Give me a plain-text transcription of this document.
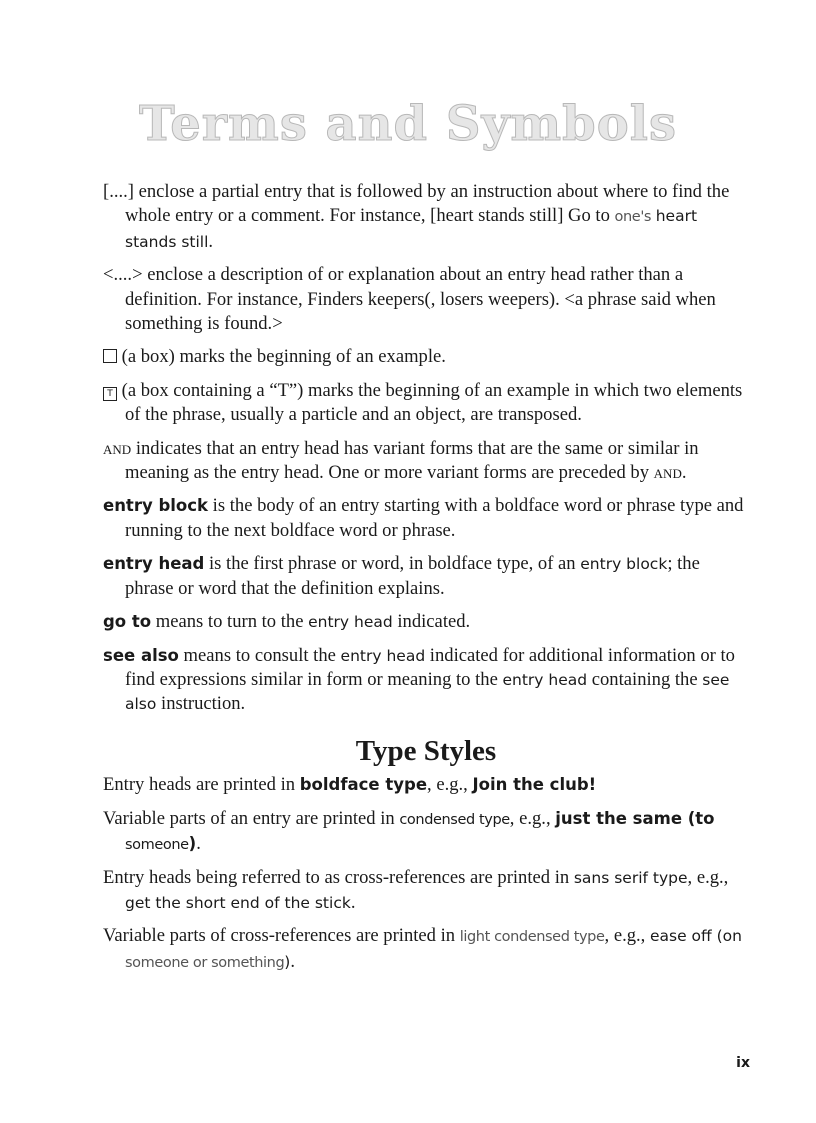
Terms and Symbols

[....] enclose a partial entry that is followed by an instruction about where to find the whole entry or a comment. For instance, [heart stands still] Go to one's heart stands still.

<....> enclose a description of or explanation about an entry head rather than a definition. For instance, Finders keepers(, losers weepers). <a phrase said when something is found.>

(a box) marks the beginning of an example.

T (a box containing a “T”) marks the beginning of an example in which two elements of the phrase, usually a particle and an object, are transposed.

and indicates that an entry head has variant forms that are the same or similar in meaning as the entry head. One or more variant forms are preceded by and.

entry block is the body of an entry starting with a boldface word or phrase type and running to the next boldface word or phrase.

entry head is the first phrase or word, in boldface type, of an entry block; the phrase or word that the definition explains.

go to means to turn to the entry head indicated.

see also means to consult the entry head indicated for additional information or to find expressions similar in form or meaning to the entry head containing the see also instruction.

Type Styles

Entry heads are printed in boldface type, e.g., Join the club!

Variable parts of an entry are printed in condensed type, e.g., just the same (to someone).

Entry heads being referred to as cross-references are printed in sans serif type, e.g., get the short end of the stick.

Variable parts of cross-references are printed in light condensed type, e.g., ease off (on someone or something).

ix
